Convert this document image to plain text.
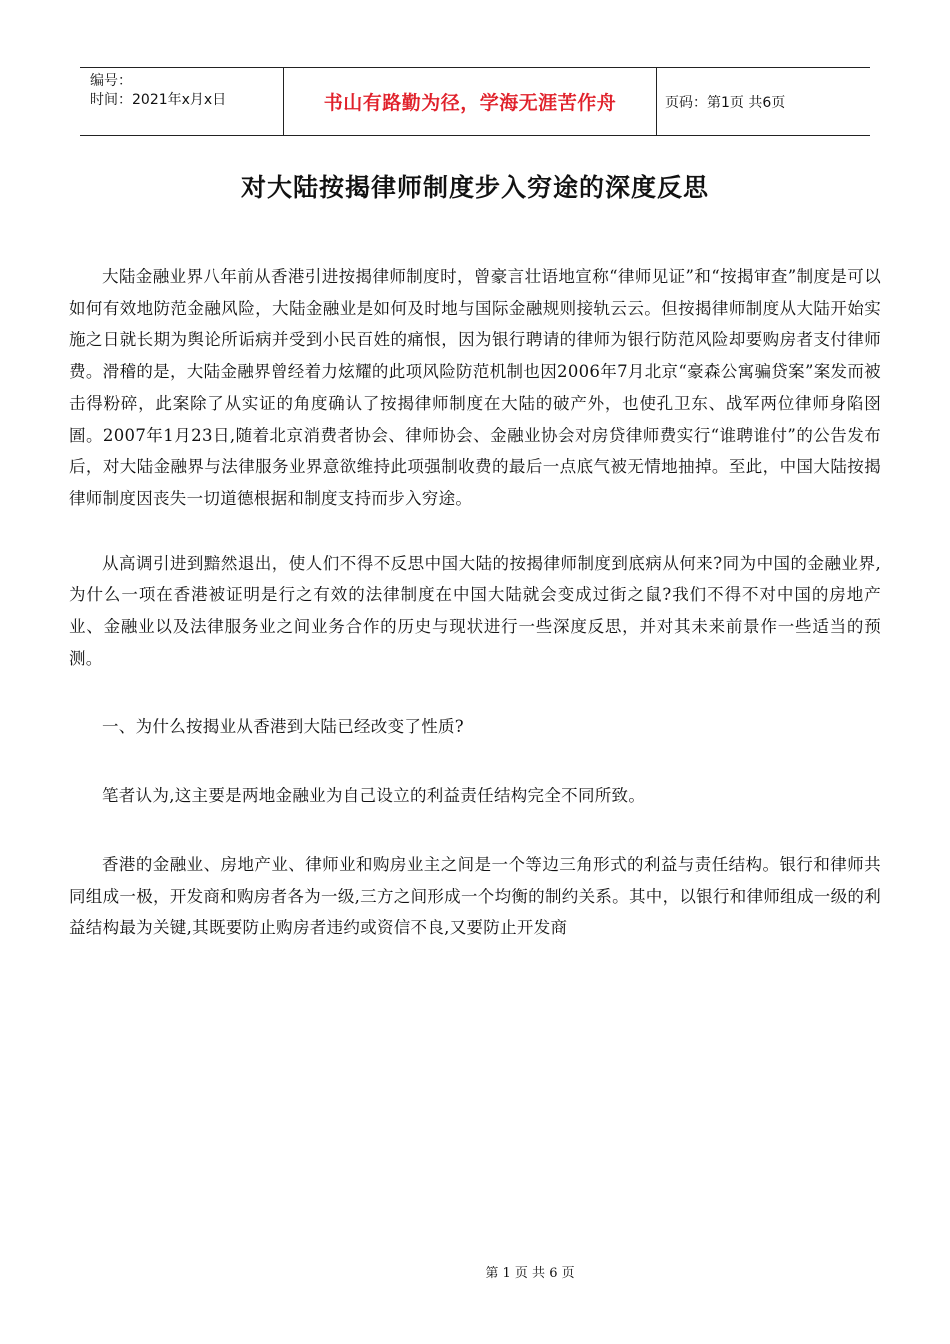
编号：
时间：2021年x月x日	书山有路勤为径，学海无涯苦作舟	页码：第1页 共6页
对大陆按揭律师制度步入穷途的深度反思

大陆金融业界八年前从香港引进按揭律师制度时，曾豪言壮语地宣称“律师见证”和“按揭审查”制度是可以如何有效地防范金融风险，大陆金融业是如何及时地与国际金融规则接轨云云。但按揭律师制度从大陆开始实施之日就长期为舆论所诟病并受到小民百姓的痛恨，因为银行聘请的律师为银行防范风险却要购房者支付律师费。滑稽的是，大陆金融界曾经着力炫耀的此项风险防范机制也因2006年7月北京“豪森公寓骗贷案”案发而被击得粉碎，此案除了从实证的角度确认了按揭律师制度在大陆的破产外，也使孔卫东、战军两位律师身陷囹圄。2007年1月23日,随着北京消费者协会、律师协会、金融业协会对房贷律师费实行“谁聘谁付”的公告发布后，对大陆金融界与法律服务业界意欲维持此项强制收费的最后一点底气被无情地抽掉。至此，中国大陆按揭律师制度因丧失一切道德根据和制度支持而步入穷途。

从高调引进到黯然退出，使人们不得不反思中国大陆的按揭律师制度到底病从何来?同为中国的金融业界,为什么一项在香港被证明是行之有效的法律制度在中国大陆就会变成过街之鼠?我们不得不对中国的房地产业、金融业以及法律服务业之间业务合作的历史与现状进行一些深度反思，并对其未来前景作一些适当的预测。

一、为什么按揭业从香港到大陆已经改变了性质?

笔者认为,这主要是两地金融业为自己设立的利益责任结构完全不同所致。

香港的金融业、房地产业、律师业和购房业主之间是一个等边三角形式的利益与责任结构。银行和律师共同组成一极，开发商和购房者各为一级,三方之间形成一个均衡的制约关系。其中，以银行和律师组成一级的利益结构最为关键,其既要防止购房者违约或资信不良,又要防止开发商

第 1 页 共 6 页
